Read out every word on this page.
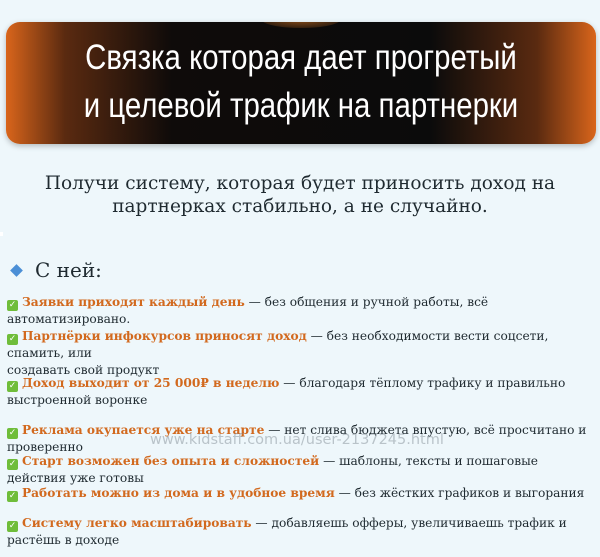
Связка которая дает прогретый
и целевой трафик на партнерки
Получи систему, которая будет приносить доход на
партнерках стабильно, а не случайно.
С ней:
✓ Заявки приходят каждый день — без общения и ручной работы, всё автоматизировано.
✓ Партнёрки инфокурсов приносят доход — без необходимости вести соцсети, спамить, или
создавать свой продукт
✓ Доход выходит от 25 000₽ в неделю — благодаря тёплому трафику и правильно
выстроенной воронке
✓ Реклама окупается уже на старте — нет слива бюджета впустую, всё просчитано и проверенно
✓ Старт возможен без опыта и сложностей — шаблоны, тексты и пошаговые действия уже готовы
✓ Работать можно из дома и в удобное время — без жёстких графиков и выгорания
✓ Систему легко масштабировать — добавляешь офферы, увеличиваешь трафик и растёшь в доходе
www.kidstaff.com.ua/user-2137245.html
